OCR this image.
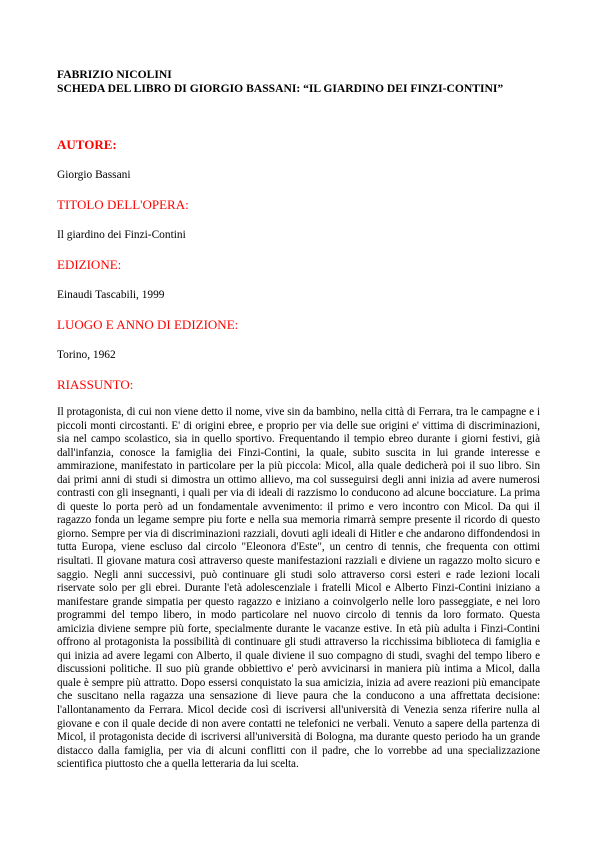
FABRIZIO NICOLINI
SCHEDA DEL LIBRO DI GIORGIO BASSANI: “IL GIARDINO DEI FINZI-CONTINI”

AUTORE:

Giorgio Bassani

TITOLO DELL'OPERA:

Il giardino dei Finzi-Contini

EDIZIONE:

Einaudi Tascabili, 1999

LUOGO E ANNO DI EDIZIONE:

Torino, 1962

RIASSUNTO:

Il protagonista, di cui non viene detto il nome, vive sin da bambino, nella città di Ferrara, tra le campagne e i piccoli monti circostanti. E' di origini ebree, e proprio per via delle sue origini e' vittima di discriminazioni, sia nel campo scolastico, sia in quello sportivo. Frequentando il tempio ebreo durante i giorni festivi, già dall'infanzia, conosce la famiglia dei Finzi-Contini, la quale, subito suscita in lui grande interesse e ammirazione, manifestato in particolare per la più piccola: Micol, alla quale dedicherà poi il suo libro. Sin dai primi anni di studi si dimostra un ottimo allievo, ma col susseguirsi degli anni inizia ad avere numerosi contrasti con gli insegnanti, i quali per via di ideali di razzismo lo conducono ad alcune bocciature. La prima di queste lo porta però ad un fondamentale avvenimento: il primo e vero incontro con Micol. Da qui il ragazzo fonda un legame sempre piu forte e nella sua memoria rimarrà sempre presente il ricordo di questo giorno. Sempre per via di discriminazioni razziali, dovuti agli ideali di Hitler e che andarono diffondendosi in tutta Europa, viene escluso dal circolo "Eleonora d'Este", un centro di tennis, che frequenta con ottimi risultati. Il giovane matura così attraverso queste manifestazioni razziali e diviene un ragazzo molto sicuro e saggio. Negli anni successivi, può continuare gli studi solo attraverso corsi esteri e rade lezioni locali riservate solo per gli ebrei. Durante l'età adolescenziale i fratelli Micol e Alberto Finzi-Contini iniziano a manifestare grande simpatia per questo ragazzo e iniziano a coinvolgerlo nelle loro passeggiate, e nei loro programmi del tempo libero, in modo particolare nel nuovo circolo di tennis da loro formato. Questa amicizia diviene sempre più forte, specialmente durante le vacanze estive. In età più adulta i Finzi-Contini offrono al protagonista la possibilità di continuare gli studi attraverso la ricchissima biblioteca di famiglia e qui inizia ad avere legami con Alberto, il quale diviene il suo compagno di studi, svaghi del tempo libero e discussioni politiche. Il suo più grande obbiettivo e' però avvicinarsi in maniera più intima a Micol, dalla quale è sempre più attratto. Dopo essersi conquistato la sua amicizia, inizia ad avere reazioni più emancipate che suscitano nella ragazza una sensazione di lieve paura che la conducono a una affrettata decisione: l'allontanamento da Ferrara. Micol decide così di iscriversi all'università di Venezia senza riferire nulla al giovane e con il quale decide di non avere contatti ne telefonici ne verbali. Venuto a sapere della partenza di Micol, il protagonista decide di iscriversi all'università di Bologna, ma durante questo periodo ha un grande distacco dalla famiglia, per via di alcuni conflitti con il padre, che lo vorrebbe ad una specializzazione scientifica piuttosto che a quella letteraria da lui scelta.
